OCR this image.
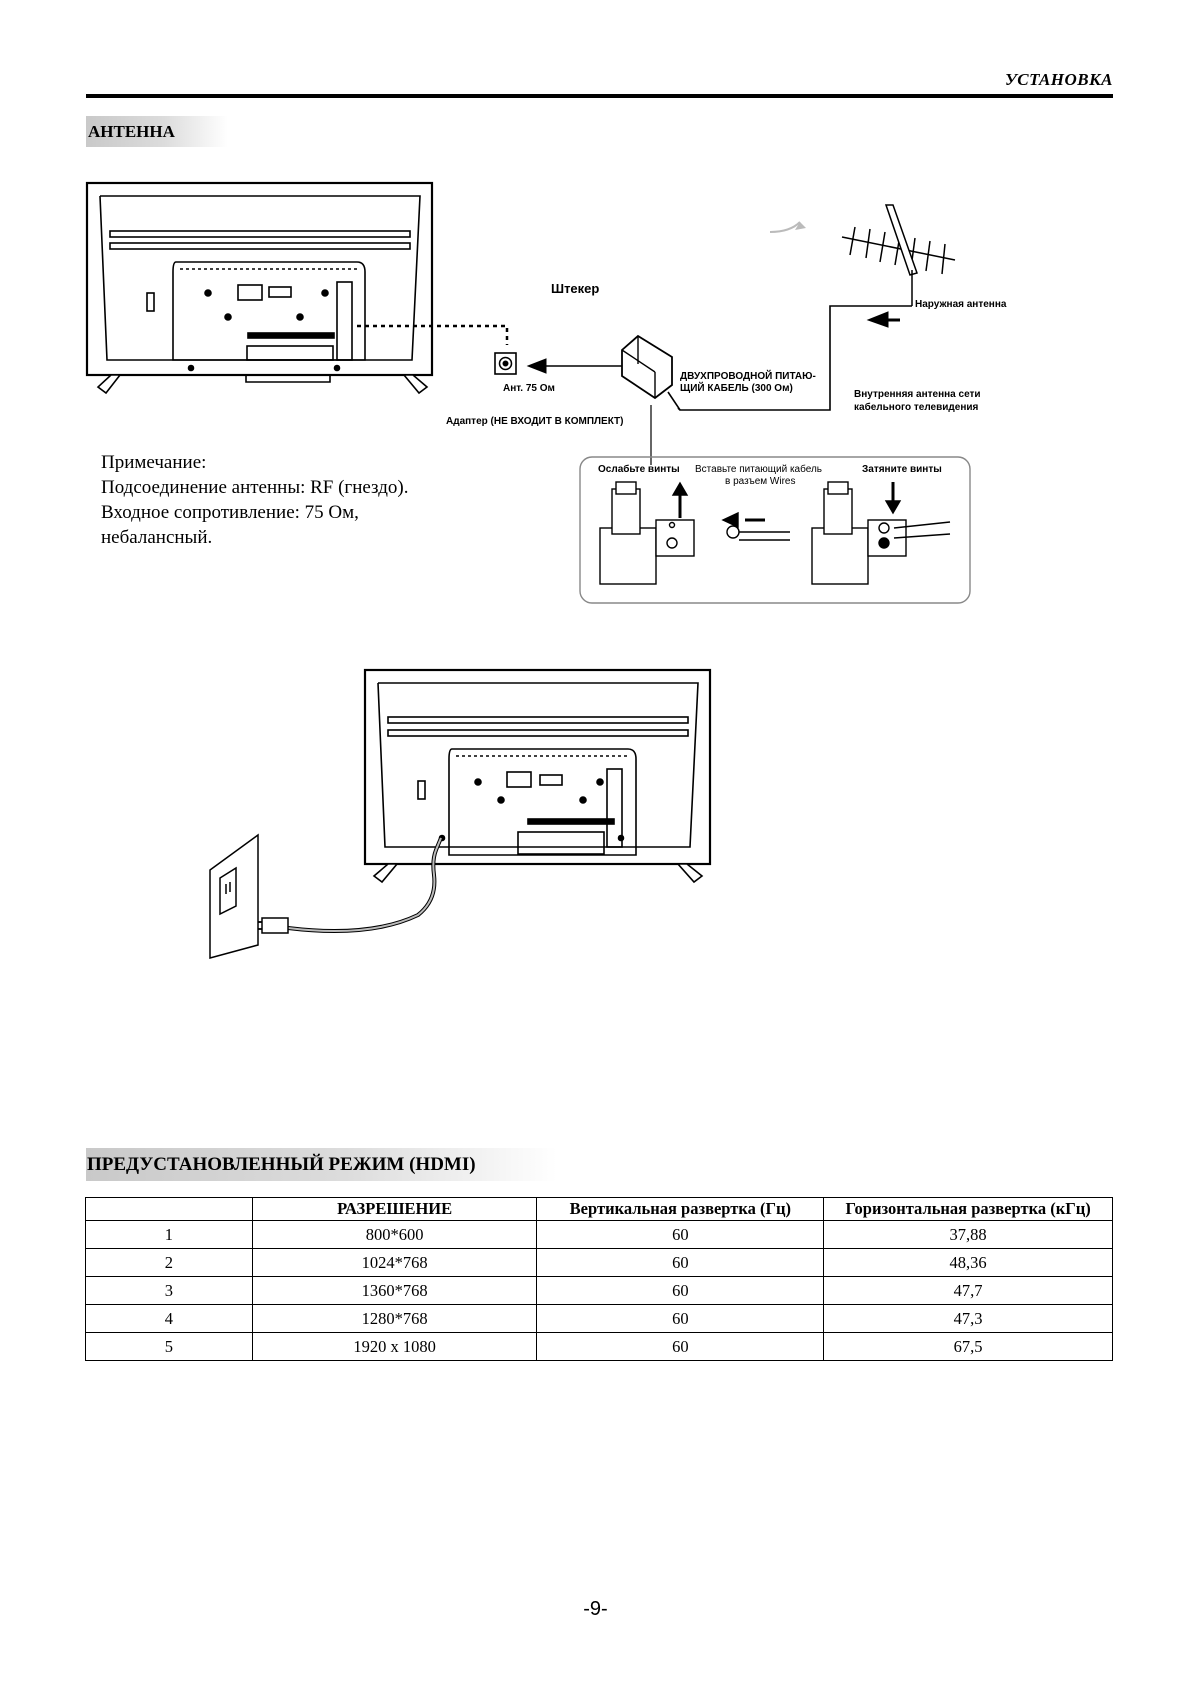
УСТАНОВКА
АНТЕННА
Штекер
Наружная антенна
ДВУХПРОВОДНОЙ ПИТАЮ-
ЩИЙ КАБЕЛЬ (300 Ом)
Внутренняя антенна сети
кабельного телевидения
Ант. 75 Ом
Адаптер (НЕ ВХОДИТ В КОМПЛЕКТ)
Ослабьте винты Вставьте питающий кабель
в разъем Wires
Затяните винты
Примечание:
Подсоединение антенны: RF (гнездо).
Входное сопротивление: 75 Ом,
небалансный.
ПРЕДУСТАНОВЛЕННЫЙ РЕЖИМ (HDMI)
	РАЗРЕШЕНИЕ	Вертикальная развертка (Гц)	Горизонтальная развертка (кГц)
1	800*600	60	37,88
2	1024*768	60	48,36
3	1360*768	60	47,7
4	1280*768	60	47,3
5	1920 x 1080	60	67,5
-9-
